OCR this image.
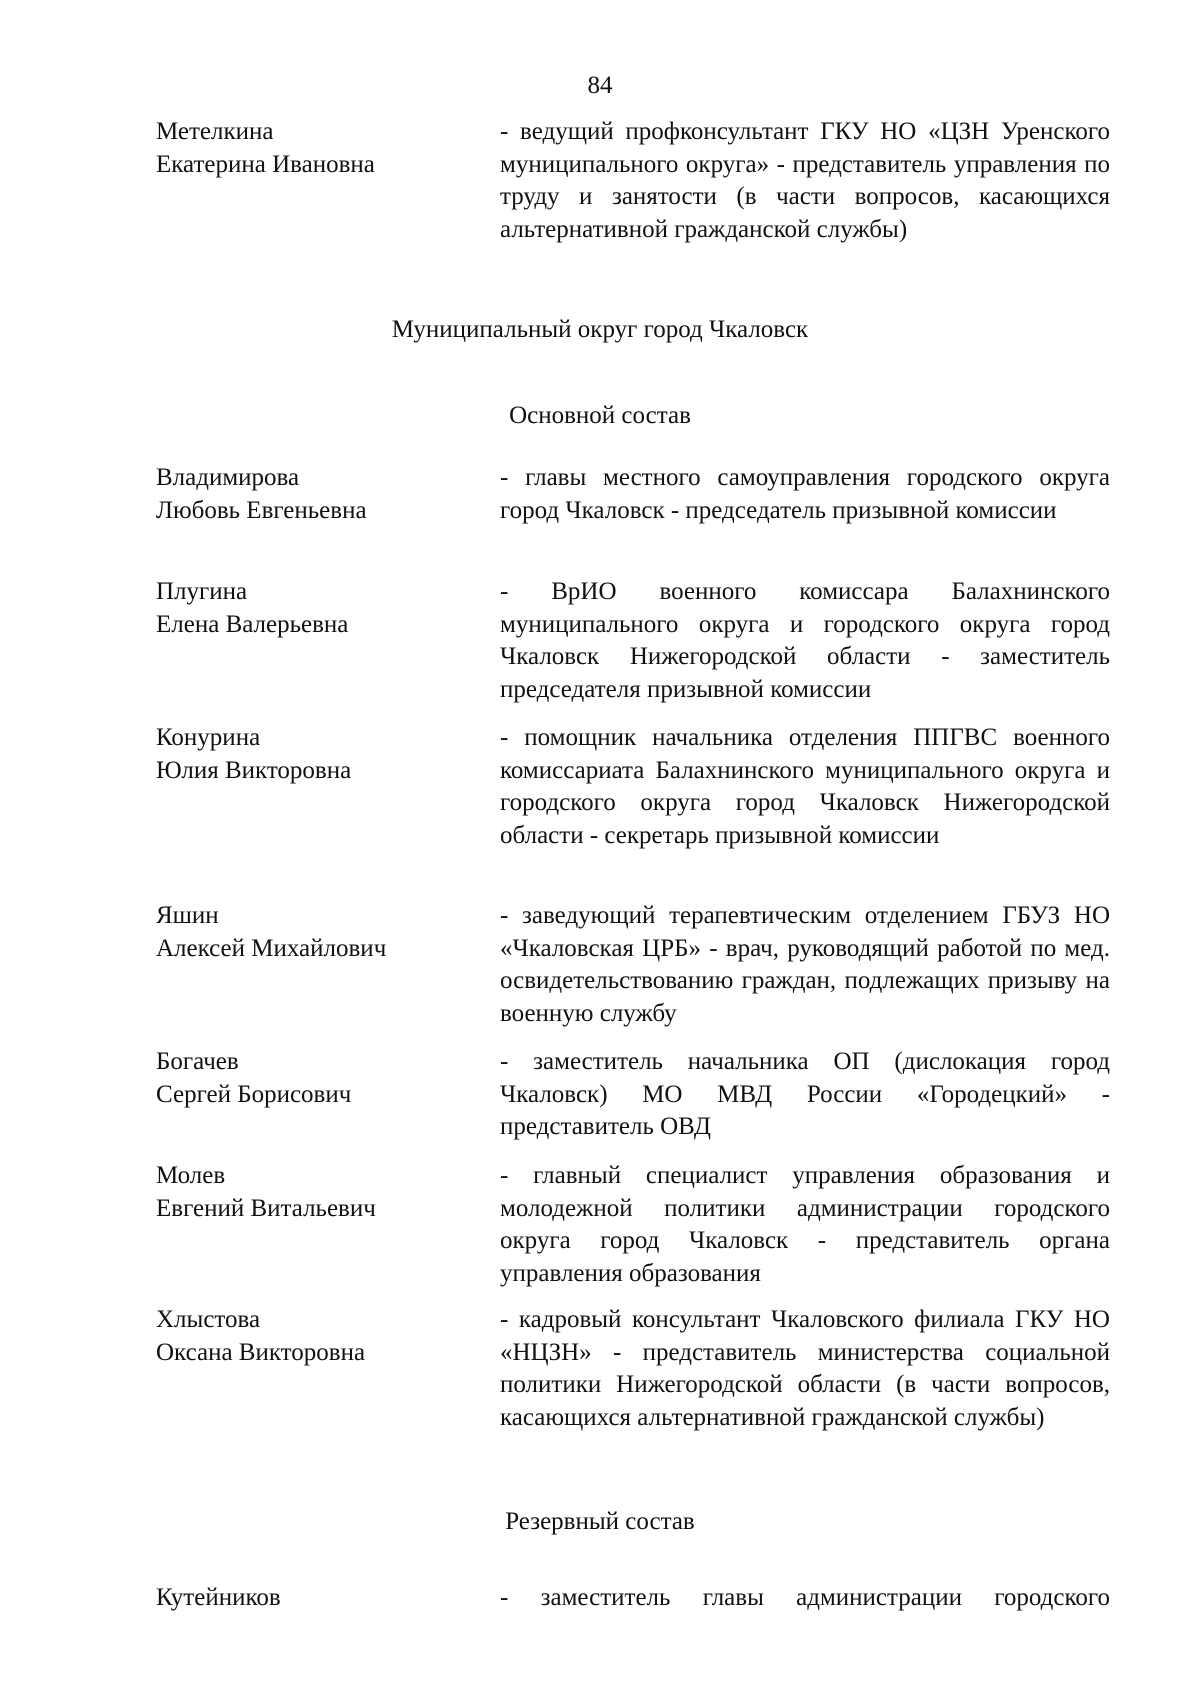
84
Метелкина
Екатерина Ивановна
- ведущий профконсультант ГКУ НО «ЦЗН Уренского муниципального округа» - представитель управления по труду и занятости (в части вопросов, касающихся альтернативной гражданской службы)
Муниципальный округ город Чкаловск
Основной состав
Владимирова
Любовь Евгеньевна
- главы местного самоуправления городского округа город Чкаловск - председатель призывной комиссии
Плугина
Елена Валерьевна
- ВрИО военного комиссара Балахнинского муниципального округа и городского округа город Чкаловск Нижегородской области - заместитель председателя призывной комиссии
Конурина
Юлия Викторовна
- помощник начальника отделения ППГВС военного комиссариата Балахнинского муниципального округа и городского округа город Чкаловск Нижегородской области - секретарь призывной комиссии
Яшин
Алексей Михайлович
- заведующий терапевтическим отделением ГБУЗ НО «Чкаловская ЦРБ» - врач, руководящий работой по мед. освидетельствованию граждан, подлежащих призыву на военную службу
Богачев
Сергей Борисович
- заместитель начальника ОП (дислокация город Чкаловск) МО МВД России «Городецкий» - представитель ОВД
Молев
Евгений Витальевич
- главный специалист управления образования и молодежной политики администрации городского округа город Чкаловск - представитель органа управления образования
Хлыстова
Оксана Викторовна
- кадровый консультант Чкаловского филиала ГКУ НО «НЦЗН» - представитель министерства социальной политики Нижегородской области (в части вопросов, касающихся альтернативной гражданской службы)
Резервный состав
Кутейников	- заместитель главы администрации городского
